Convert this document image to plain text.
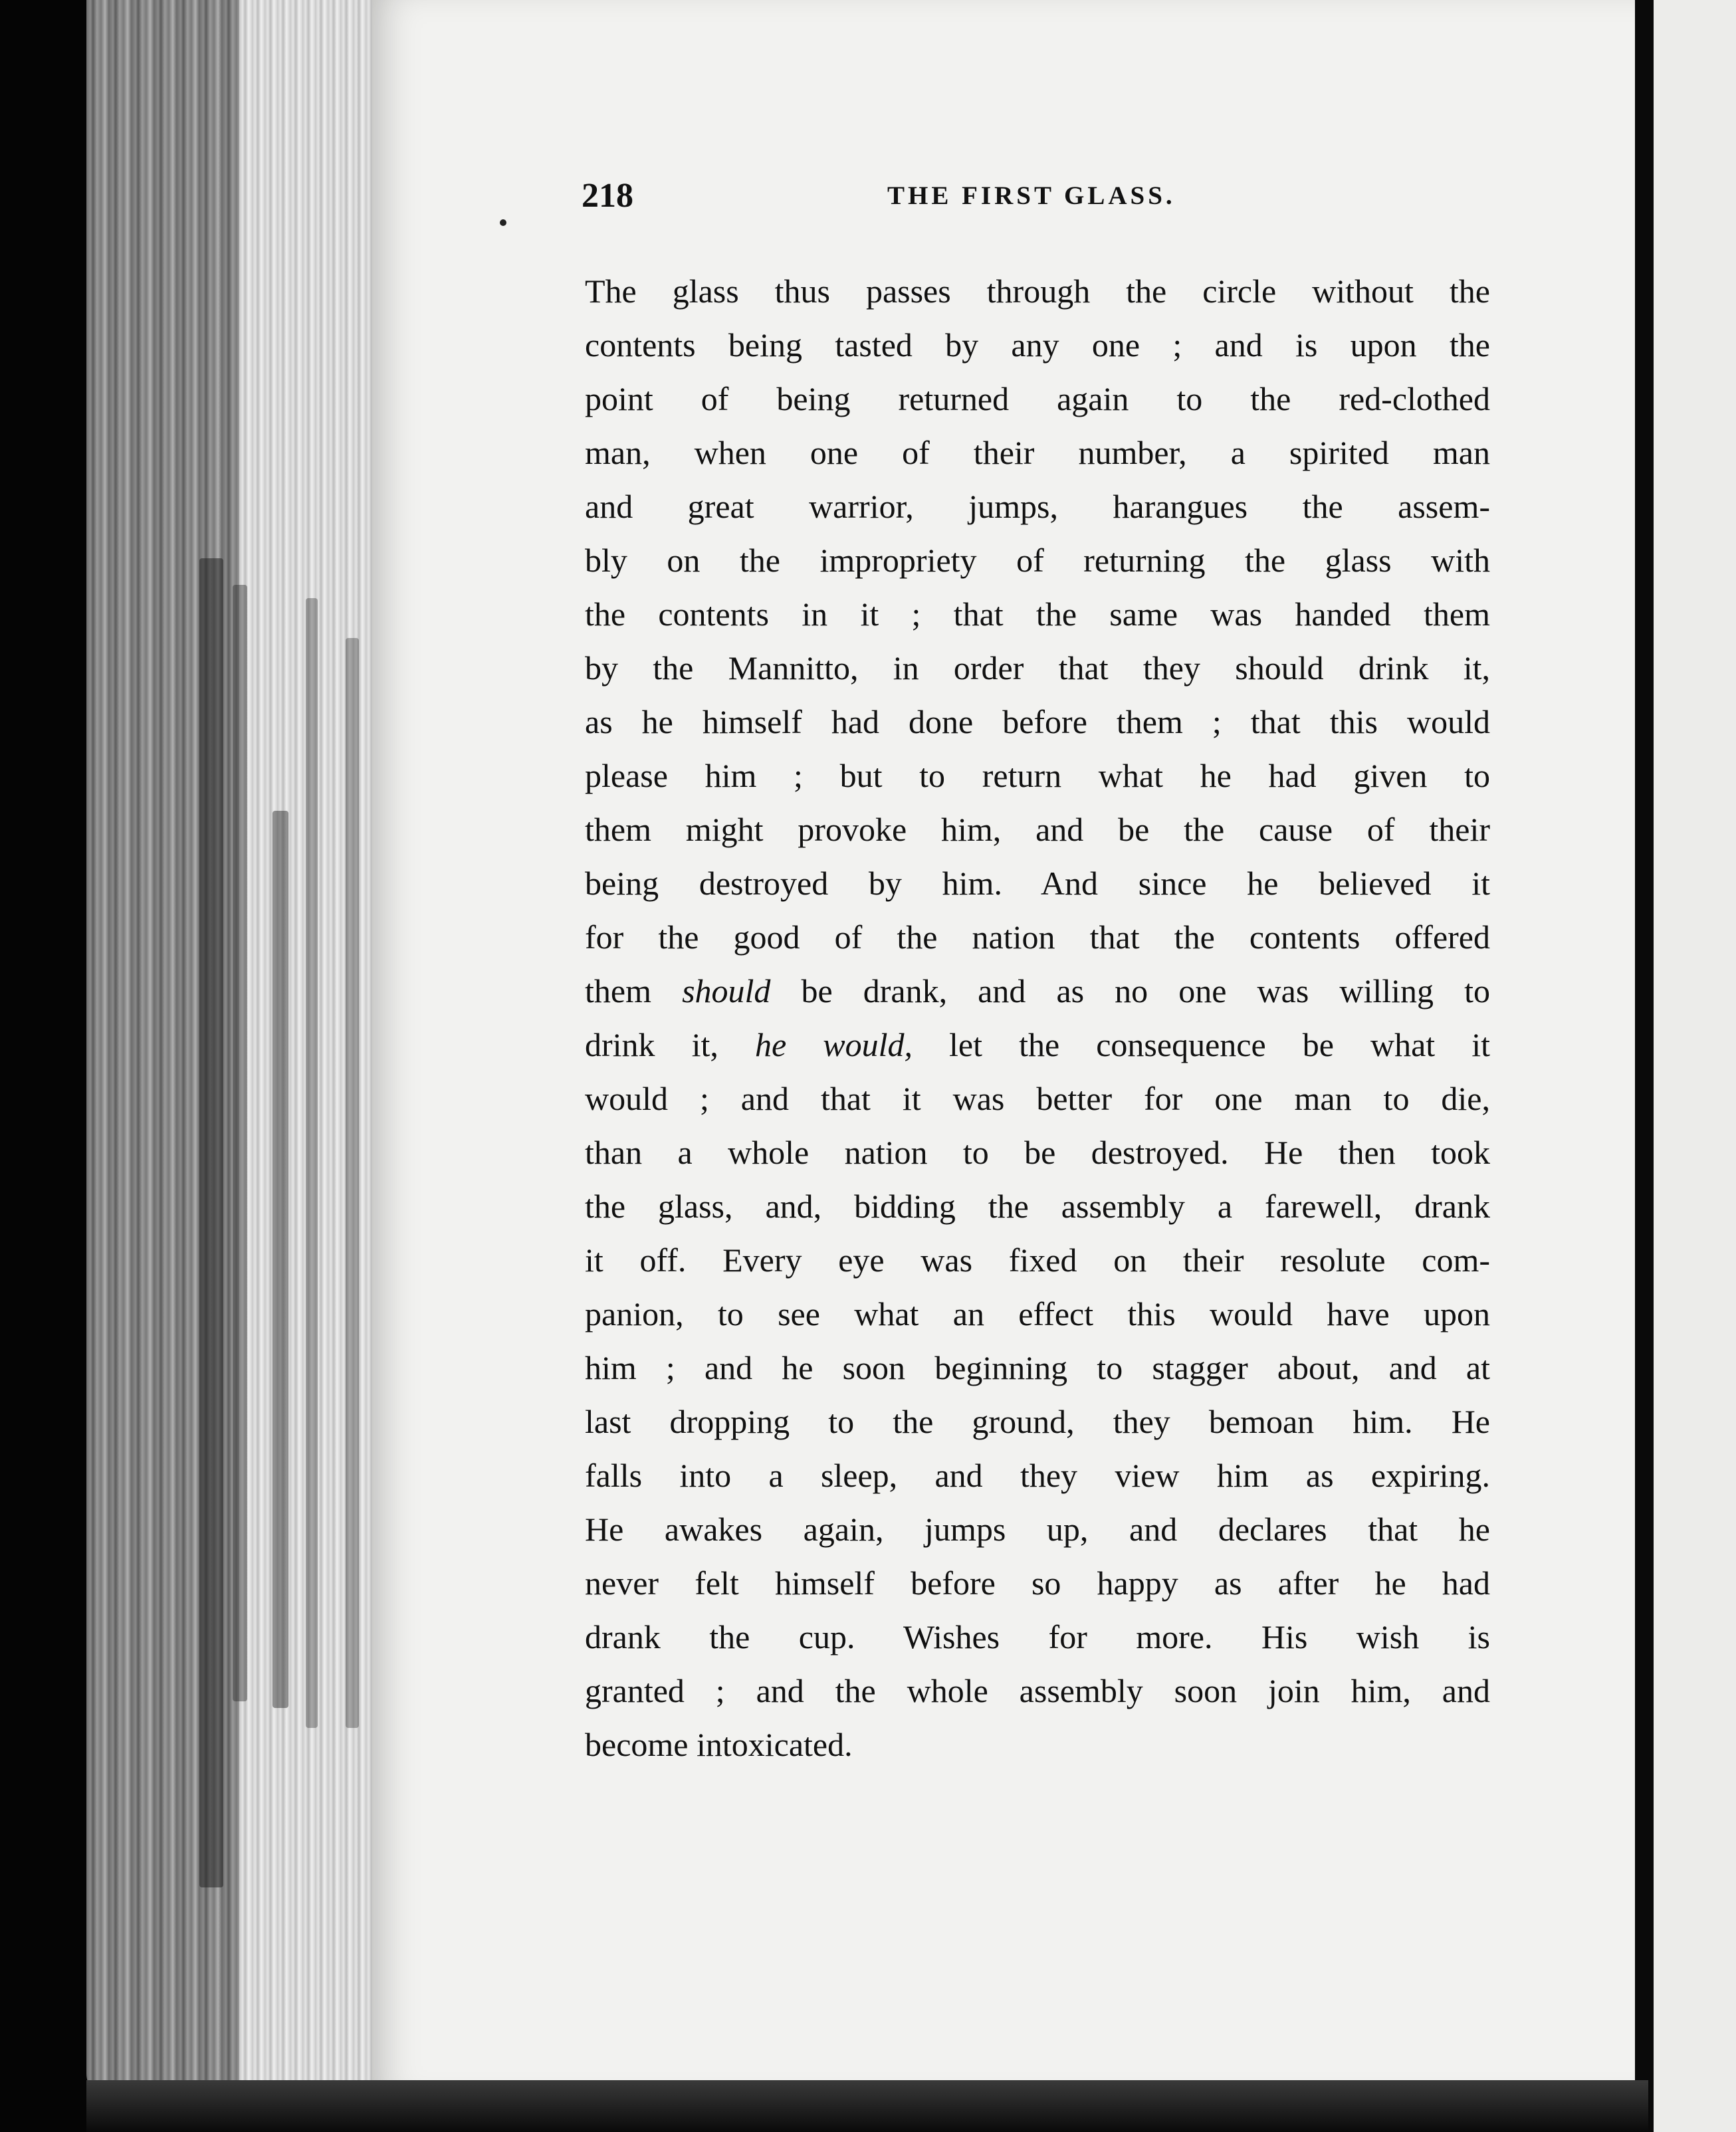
218	THE FIRST GLASS.
The glass thus passes through the circle without the
contents being tasted by any one ; and is upon the
point of being returned again to the red-clothed
man, when one of their number, a spirited man
and great warrior, jumps, harangues the assem-
bly on the impropriety of returning the glass with
the contents in it ; that the same was handed them
by the Mannitto, in order that they should drink it,
as he himself had done before them ; that this would
please him ; but to return what he had given to
them might provoke him, and be the cause of their
being destroyed by him. And since he believed it
for the good of the nation that the contents offered
them should be drank, and as no one was willing to
drink it, he would, let the consequence be what it
would ; and that it was better for one man to die,
than a whole nation to be destroyed. He then took
the glass, and, bidding the assembly a farewell, drank
it off. Every eye was fixed on their resolute com-
panion, to see what an effect this would have upon
him ; and he soon beginning to stagger about, and at
last dropping to the ground, they bemoan him. He
falls into a sleep, and they view him as expiring.
He awakes again, jumps up, and declares that he
never felt himself before so happy as after he had
drank the cup. Wishes for more. His wish is
granted ; and the whole assembly soon join him, and
become intoxicated.
